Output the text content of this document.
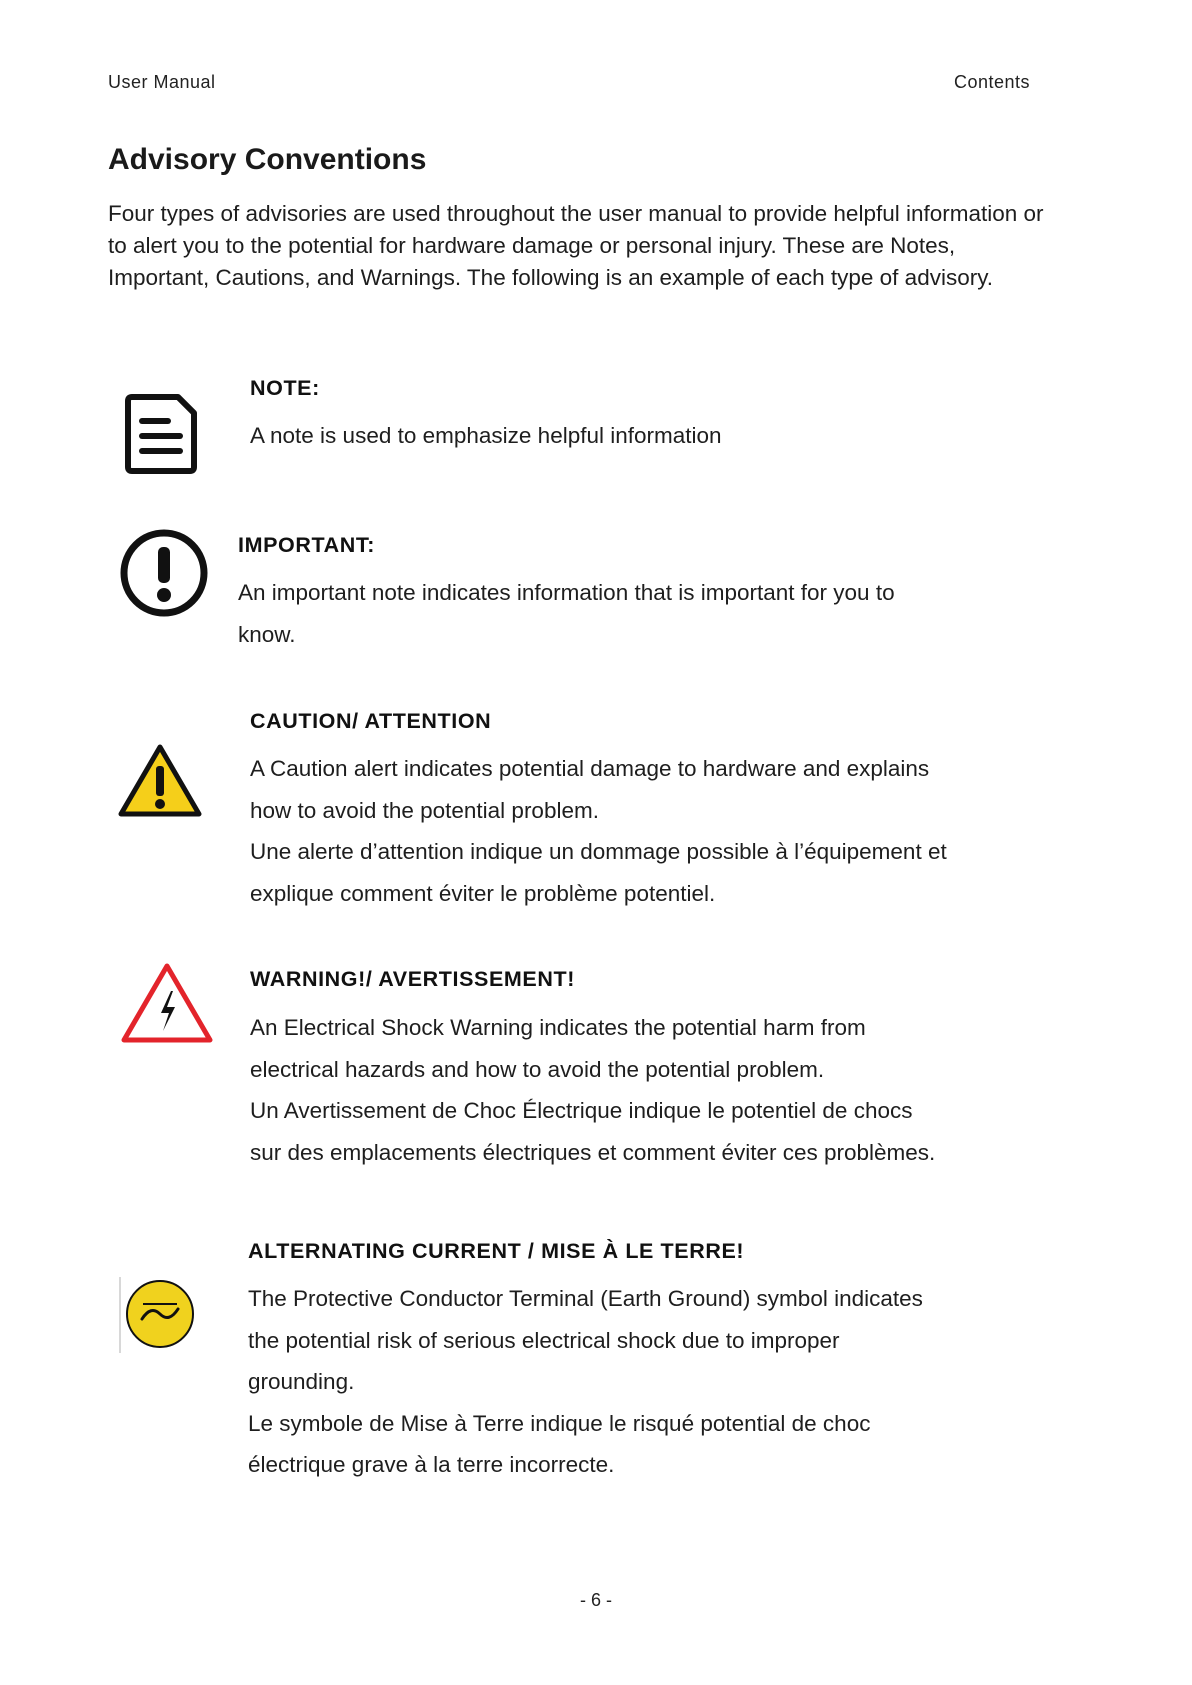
User Manual	Contents
Advisory Conventions

Four types of advisories are used throughout the user manual to provide helpful information or to alert you to the potential for hardware damage or personal injury. These are Notes, Important, Cautions, and Warnings. The following is an example of each type of advisory.

NOTE:

A note is used to emphasize helpful information

IMPORTANT:

An important note indicates information that is important for you to

know.

CAUTION/ ATTENTION

A Caution alert indicates potential damage to hardware and explains

how to avoid the potential problem.

Une alerte d’attention indique un dommage possible à l’équipement et

explique comment éviter le problème potentiel.

WARNING!/ AVERTISSEMENT!

An Electrical Shock Warning indicates the potential harm from

electrical hazards and how to avoid the potential problem.

Un Avertissement de Choc Électrique indique le potentiel de chocs

sur des emplacements électriques et comment éviter ces problèmes.

ALTERNATING CURRENT / MISE À LE TERRE!

The Protective Conductor Terminal (Earth Ground) symbol indicates

the potential risk of serious electrical shock due to improper

grounding.

Le symbole de Mise à Terre indique le risqué potential de choc

électrique grave à la terre incorrecte.

- 6 -
